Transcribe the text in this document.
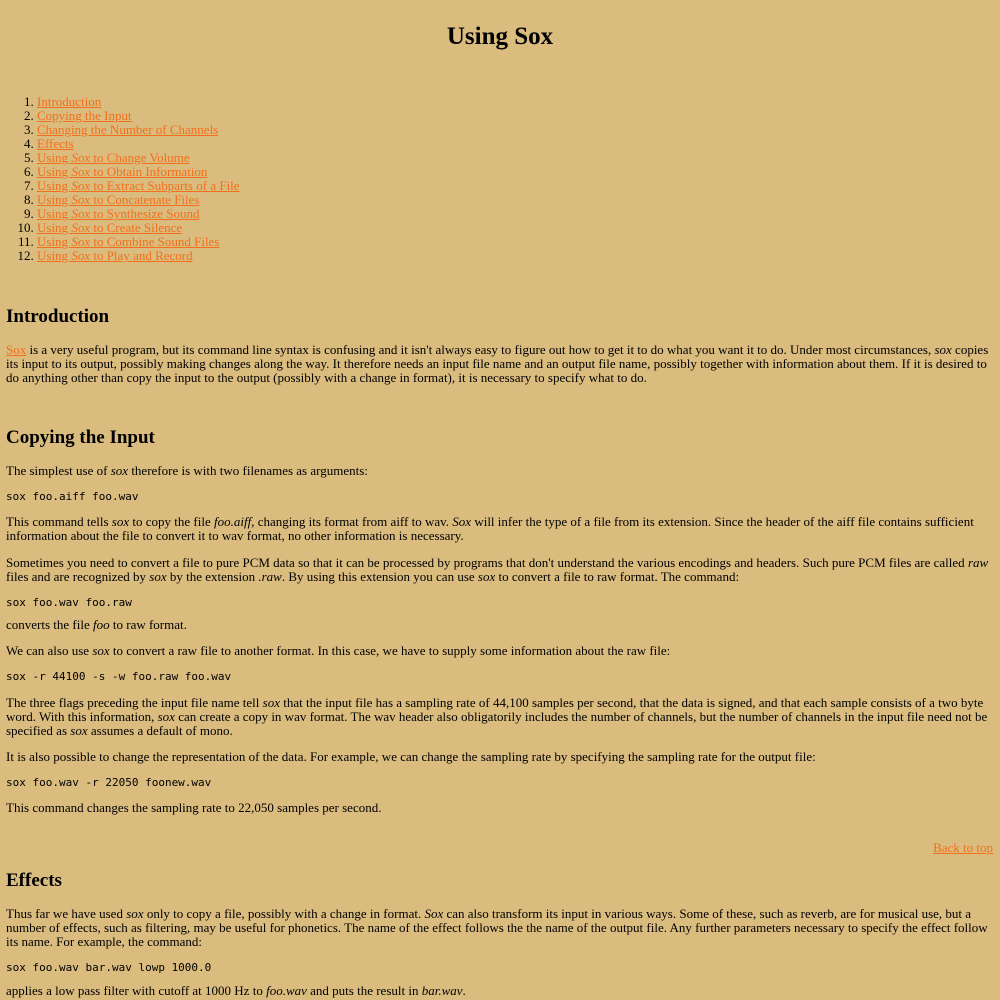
Using Sox
1. Introduction
2. Copying the Input
3. Changing the Number of Channels
4. Effects
5. Using Sox to Change Volume
6. Using Sox to Obtain Information
7. Using Sox to Extract Subparts of a File
8. Using Sox to Concatenate Files
9. Using Sox to Synthesize Sound
10. Using Sox to Create Silence
11. Using Sox to Combine Sound Files
12. Using Sox to Play and Record
Introduction

Sox is a very useful program, but its command line syntax is confusing and it isn't always easy to figure out how to get it to do what you want it to do. Under most circumstances, sox copies its input to its output, possibly making changes along the way. It therefore needs an input file name and an output file name, possibly together with information about them. If it is desired to do anything other than copy the input to the output (possibly with a change in format), it is necessary to specify what to do.

Copying the Input

The simplest use of sox therefore is with two filenames as arguments:

sox foo.aiff foo.wav

This command tells sox to copy the file foo.aiff, changing its format from aiff to wav. Sox will infer the type of a file from its extension. Since the header of the aiff file contains sufficient information about the file to convert it to wav format, no other information is necessary.

Sometimes you need to convert a file to pure PCM data so that it can be processed by programs that don't understand the various encodings and headers. Such pure PCM files are called raw files and are recognized by sox by the extension .raw. By using this extension you can use sox to convert a file to raw format. The command:

sox foo.wav foo.raw

converts the file foo to raw format.

We can also use sox to convert a raw file to another format. In this case, we have to supply some information about the raw file:

sox -r 44100 -s -w foo.raw foo.wav

The three flags preceding the input file name tell sox that the input file has a sampling rate of 44,100 samples per second, that the data is signed, and that each sample consists of a two byte word. With this information, sox can create a copy in wav format. The wav header also obligatorily includes the number of channels, but the number of channels in the input file need not be specified as sox assumes a default of mono.

It is also possible to change the representation of the data. For example, we can change the sampling rate by specifying the sampling rate for the output file:

sox foo.wav -r 22050 foonew.wav

This command changes the sampling rate to 22,050 samples per second.

Back to top
Effects

Thus far we have used sox only to copy a file, possibly with a change in format. Sox can also transform its input in various ways. Some of these, such as reverb, are for musical use, but a number of effects, such as filtering, may be useful for phonetics. The name of the effect follows the the name of the output file. Any further parameters necessary to specify the effect follow its name. For example, the command:

sox foo.wav bar.wav lowp 1000.0

applies a low pass filter with cutoff at 1000 Hz to foo.wav and puts the result in bar.wav.
